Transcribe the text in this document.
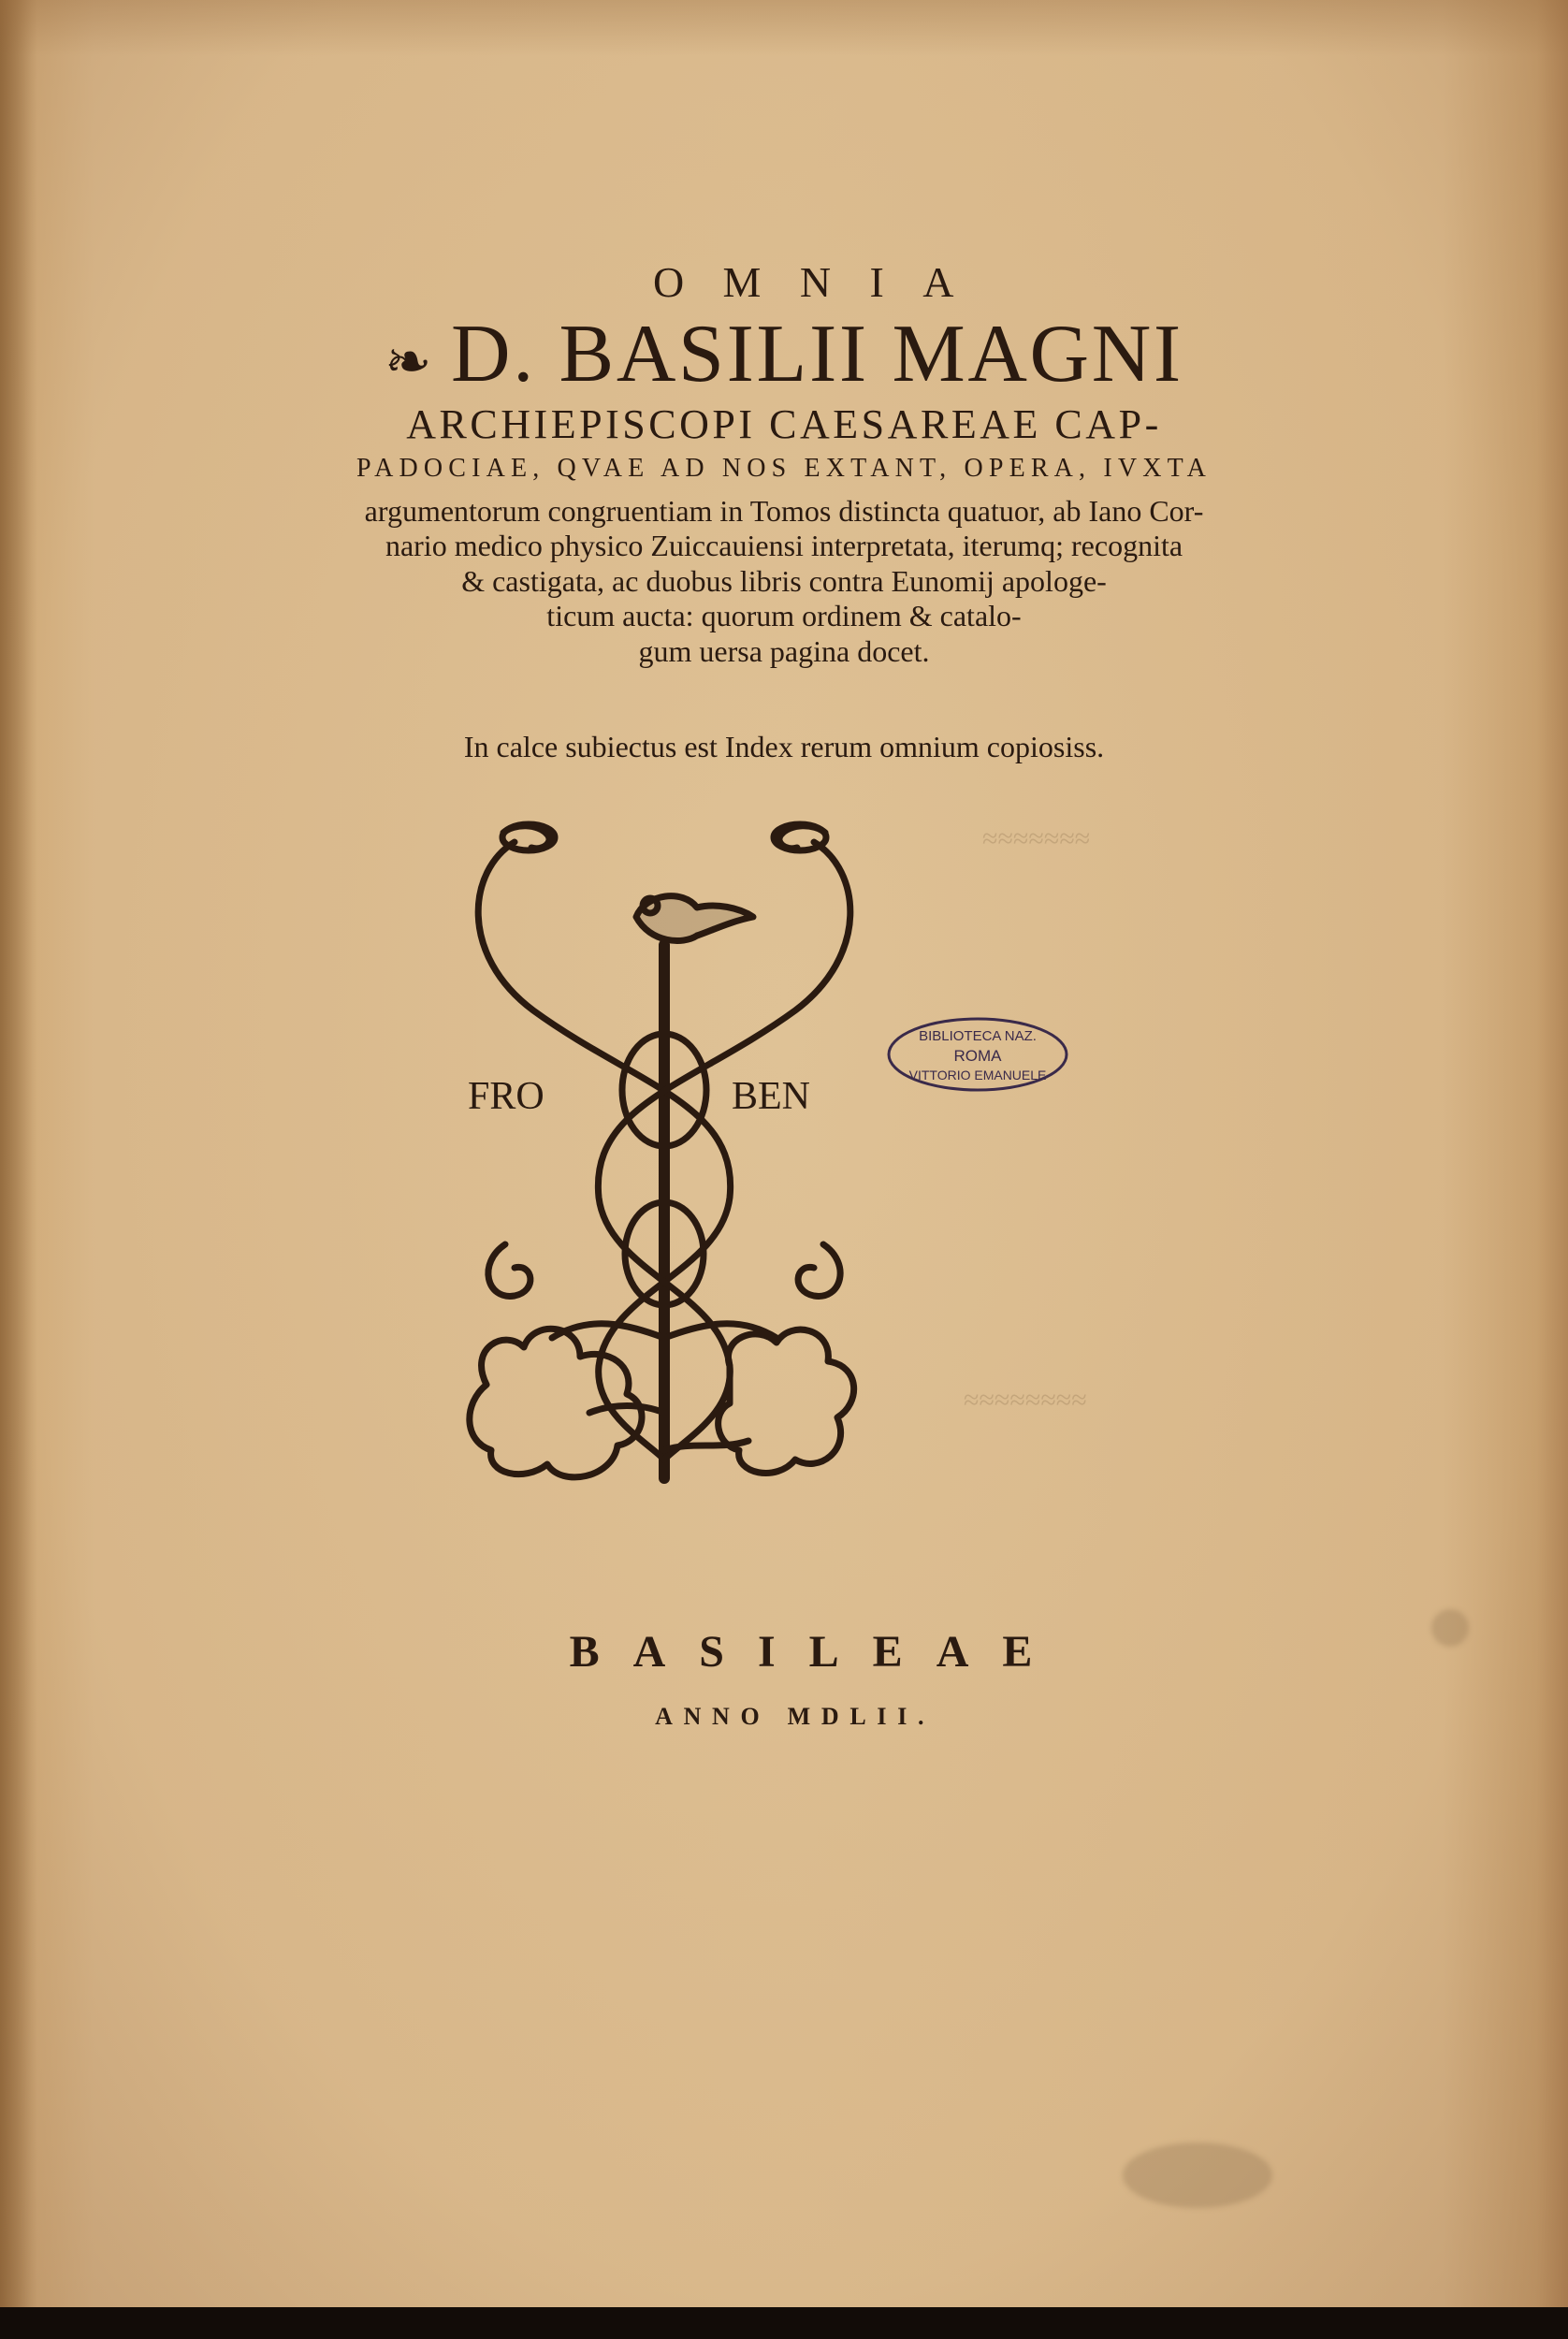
≈≈≈≈≈≈≈
≈≈≈≈≈≈≈≈

OMNIA

❧ D. BASILII MAGNI

ARCHIEPISCOPI CAESAREAE CAP-

PADOCIAE, QVAE AD NOS EXTANT, OPERA, IVXTA

argumentorum congruentiam in Tomos distincta quatuor, ab Iano Cor-
nario medico physico Zuiccauiensi interpretata, iterumq; recognita
& castigata, ac duobus libris contra Eunomij apologe-
ticum aucta: quorum ordinem & catalo-
gum uersa pagina docet.

In calce subiectus est Index rerum omnium copiosiss.

FRO	BEN

BIBLIOTECA NAZ.
ROMA
VITTORIO EMANUELE

BASILEAE

ANNO MDLII.
